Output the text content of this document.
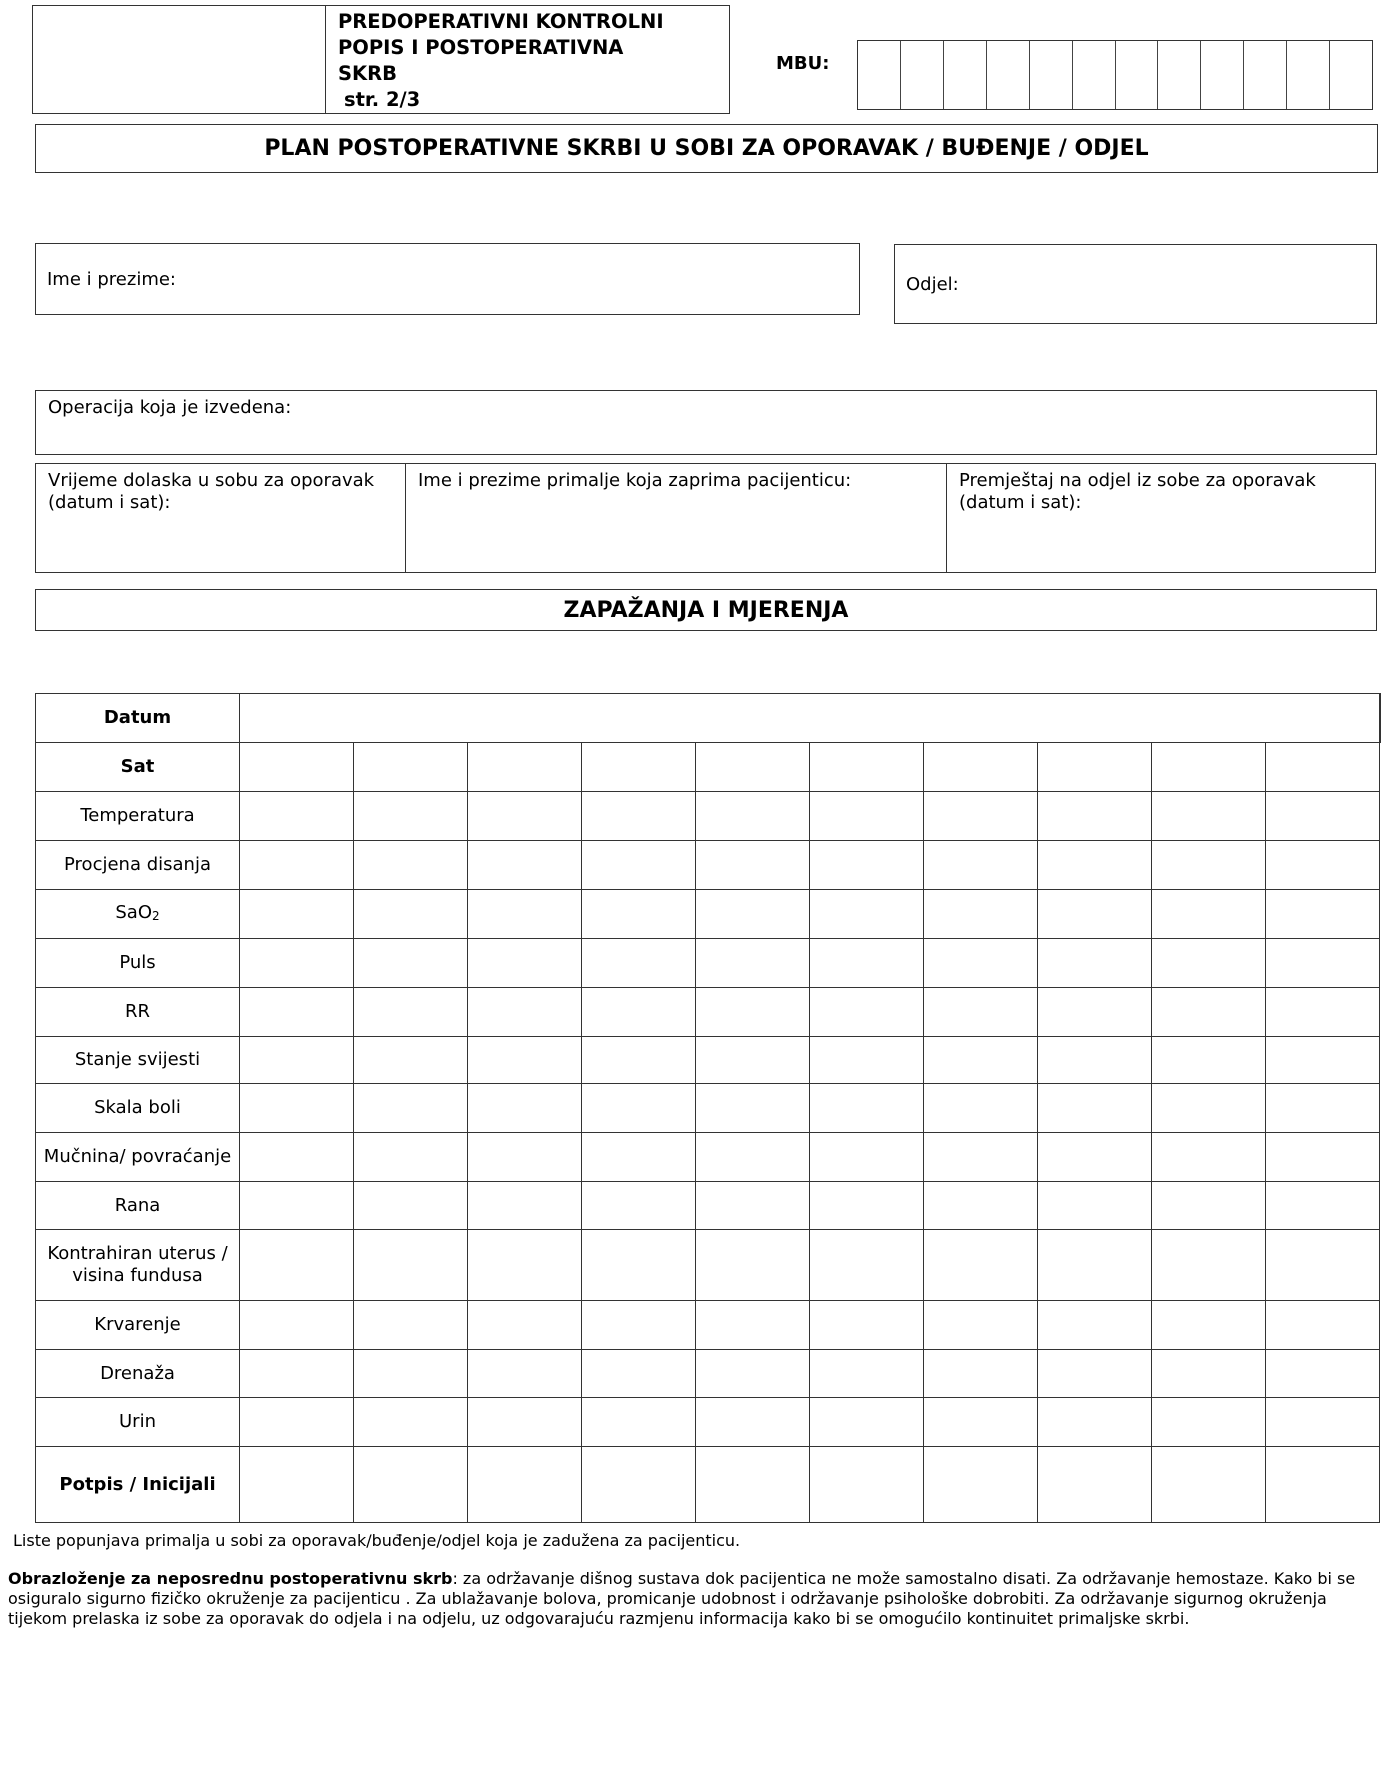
PREDOPERATIVNI KONTROLNI
POPIS I POSTOPERATIVNA
SKRB
str. 2/3
MBU:
PLAN POSTOPERATIVNE SKRBI U SOBI ZA OPORAVAK / BUĐENJE / ODJEL
Ime i prezime:	Odjel:
Operacija koja je izvedena:
Vrijeme dolaska u sobu za oporavak (datum i sat):
Ime i prezime primalje koja zaprima pacijenticu:	Premještaj na odjel iz sobe za oporavak (datum i sat):
ZAPAŽANJA I MJERENJA
Datum										
Sat										
Temperatura										
Procjena disanja										
SaO2										
Puls										
RR										
Stanje svijesti										
Skala boli										
Mučnina/ povraćanje										
Rana										
Kontrahiran uterus / visina fundusa										
Krvarenje										
Drenaža										
Urin										
Potpis / Inicijali										
Liste popunjava primalja u sobi za oporavak/buđenje/odjel koja je zadužena za pacijenticu.
Obrazloženje za neposrednu postoperativnu skrb: za održavanje dišnog sustava dok pacijentica ne može samostalno disati. Za održavanje hemostaze. Kako bi se osiguralo sigurno fizičko okruženje za pacijenticu . Za ublažavanje bolova, promicanje udobnost i održavanje psihološke dobrobiti. Za održavanje sigurnog okruženja tijekom prelaska iz sobe za oporavak do odjela i na odjelu, uz odgovarajuću razmjenu informacija kako bi se omogućilo kontinuitet primaljske skrbi.
